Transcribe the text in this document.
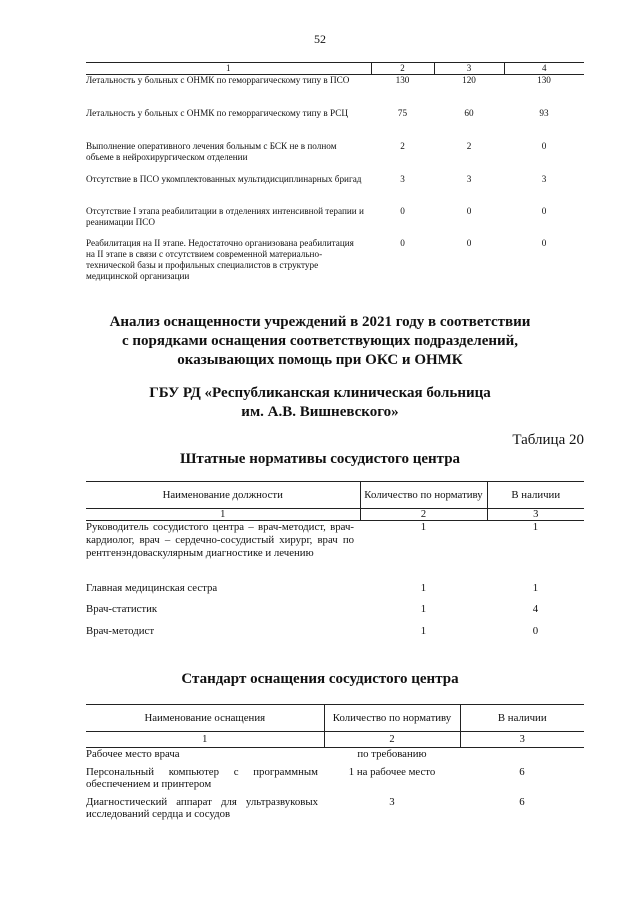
52
1	2	3	4
Летальность у больных с ОНМК по геморрагическому типу в ПСО	130	120	130
Летальность у больных с ОНМК по геморрагическому типу в РСЦ	75	60	93
Выполнение оперативного лечения больным с БСК не в полном объеме в нейрохирургическом отделении	2	2	0
Отсутствие в ПСО укомплектованных мультидисциплинарных бригад	3	3	3
Отсутствие I этапа реабилитации в отделениях интенсивной терапии и реанимации ПСО	0	0	0
Реабилитация на II этапе. Недостаточно организована реабилитация на II этапе в связи с отсутствием современной материально-технической базы и профильных специалистов в структуре медицинской организации	0	0	0
Анализ оснащенности учреждений в 2021 году в соответствии
с порядками оснащения соответствующих подразделений,
оказывающих помощь при ОКС и ОНМК
ГБУ РД «Республиканская клиническая больница
им. А.В. Вишневского»
Таблица 20
Штатные нормативы сосудистого центра
Наименование должности	Количество по нормативу	В наличии
1	2	3
Руководитель сосудистого центра – врач-методист, врач-кардиолог, врач – сердечно-сосудистый хирург, врач по рентгенэндоваскулярным диагностике и лечению	1	1
Главная медицинская сестра	1	1
Врач-статистик	1	4
Врач-методист	1	0
Стандарт оснащения сосудистого центра
Наименование оснащения	Количество по нормативу	В наличии
1	2	3
Рабочее место врача	по требованию	
Персональный компьютер с программным обеспечением и принтером	1 на рабочее место	6
Диагностический аппарат для ультразвуковых исследований сердца и сосудов	3	6
